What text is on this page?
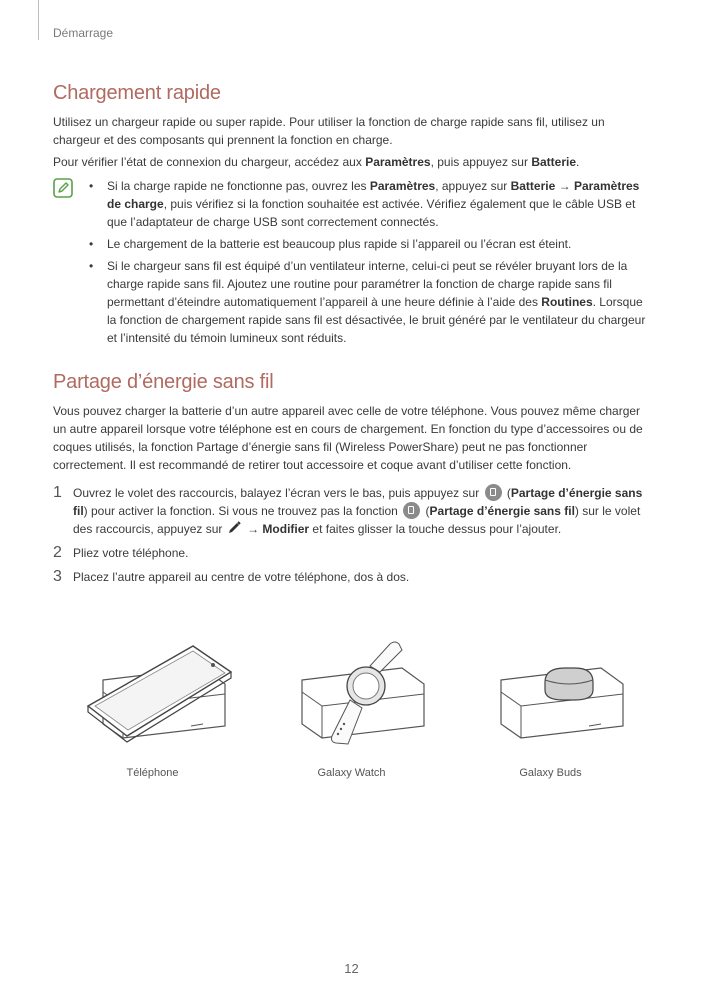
Démarrage
Chargement rapide

Utilisez un chargeur rapide ou super rapide. Pour utiliser la fonction de charge rapide sans fil, utilisez un chargeur et des composants qui prennent la fonction en charge.

Pour vérifier l’état de connexion du chargeur, accédez aux Paramètres, puis appuyez sur Batterie.

• Si la charge rapide ne fonctionne pas, ouvrez les Paramètres, appuyez sur Batterie → Paramètres de charge, puis vérifiez si la fonction souhaitée est activée. Vérifiez également que le câble USB et que l’adaptateur de charge USB sont correctement connectés.
• Le chargement de la batterie est beaucoup plus rapide si l’appareil ou l’écran est éteint.
• Si le chargeur sans fil est équipé d’un ventilateur interne, celui-ci peut se révéler bruyant lors de la charge rapide sans fil. Ajoutez une routine pour paramétrer la fonction de charge rapide sans fil permettant d’éteindre automatiquement l’appareil à une heure définie à l’aide des Routines. Lorsque la fonction de chargement rapide sans fil est désactivée, le bruit généré par le ventilateur du chargeur et l’intensité du témoin lumineux sont réduits.
Partage d’énergie sans fil

Vous pouvez charger la batterie d’un autre appareil avec celle de votre téléphone. Vous pouvez même charger un autre appareil lorsque votre téléphone est en cours de chargement. En fonction du type d’accessoires ou de coques utilisés, la fonction Partage d’énergie sans fil (Wireless PowerShare) peut ne pas fonctionner correctement. Il est recommandé de retirer tout accessoire et coque avant d’utiliser cette fonction.

1 Ouvrez le volet des raccourcis, balayez l’écran vers le bas, puis appuyez sur  (Partage d’énergie sans fil) pour activer la fonction. Si vous ne trouvez pas la fonction  (Partage d’énergie sans fil) sur le volet des raccourcis, appuyez sur  → Modifier et faites glisser la touche dessus pour l’ajouter.
2 Pliez votre téléphone.
3 Placez l’autre appareil au centre de votre téléphone, dos à dos.
Téléphone	Galaxy Watch	Galaxy Buds
12
